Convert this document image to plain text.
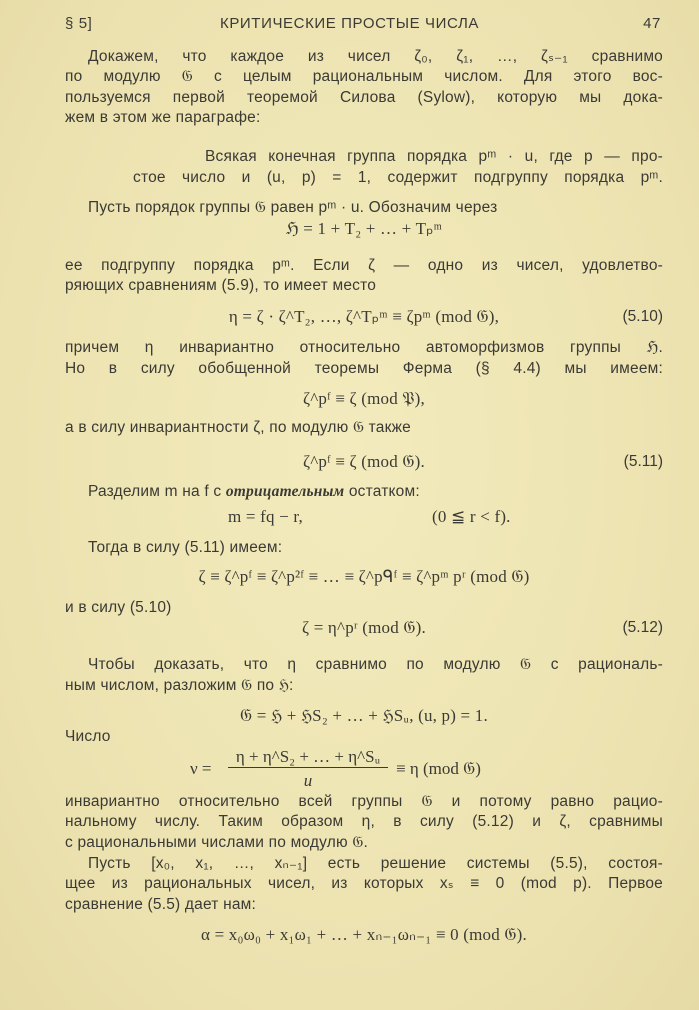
§ 5]	КРИТИЧЕСКИЕ ПРОСТЫЕ ЧИСЛА	47
Докажем, что каждое из чисел ζ₀, ζ₁, …, ζₛ₋₁ сравнимо
по модулю 𝔊 с целым рациональным числом. Для этого вос-
пользуемся первой теоремой Силова (Sylow), которую мы дока-
жем в этом же параграфе:
Всякая конечная группа порядка pᵐ · u, где p — про-
стое число и (u, p) = 1, содержит подгруппу порядка pᵐ.
Пусть порядок группы 𝔊 равен pᵐ · u. Обозначим через
ℌ = 1 + T₂ + … + Tₚᵐ
ее подгруппу порядка pᵐ. Если ζ — одно из чисел, удовлетво-
ряющих сравнениям (5.9), то имеет место
η = ζ · ζ^T₂, …, ζ^Tₚᵐ ≡ ζpᵐ (mod 𝔊),	(5.10)
причем η инвариантно относительно автоморфизмов группы ℌ.
Но в силу обобщенной теоремы Ферма (§ 4.4) мы имеем:
ζ^pᶠ ≡ ζ (mod 𝔓),
а в силу инвариантности ζ, по модулю 𝔊 также
ζ^pᶠ ≡ ζ (mod 𝔊).	(5.11)
Разделим m на f с отрицательным остатком:
m = fq − r,	(0 ≦ r < f).
Тогда в силу (5.11) имеем:
ζ ≡ ζ^pᶠ ≡ ζ^p²ᶠ ≡ … ≡ ζ^pᑫᶠ ≡ ζ^pᵐ pʳ (mod 𝔊)
и в силу (5.10)
ζ = η^pʳ (mod 𝔊).	(5.12)
Чтобы доказать, что η сравнимо по модулю 𝔊 с рациональ-
ным числом, разложим 𝔊 по ℌ:
𝔊 = ℌ + ℌS₂ + … + ℌSᵤ, (u, p) = 1.
Число
ν =
η + η^S₂ + … + η^Sᵤ
u
≡ η (mod 𝔊)
инвариантно относительно всей группы 𝔊 и потому равно рацио-
нальному числу. Таким образом η, в силу (5.12) и ζ, сравнимы
с рациональными числами по модулю 𝔊.
Пусть [x₀, x₁, …, xₙ₋₁] есть решение системы (5.5), состоя-
щее из рациональных чисел, из которых xₛ ≡ 0 (mod p). Первое
сравнение (5.5) дает нам:
α = x₀ω₀ + x₁ω₁ + … + xₙ₋₁ωₙ₋₁ ≡ 0 (mod 𝔊).
